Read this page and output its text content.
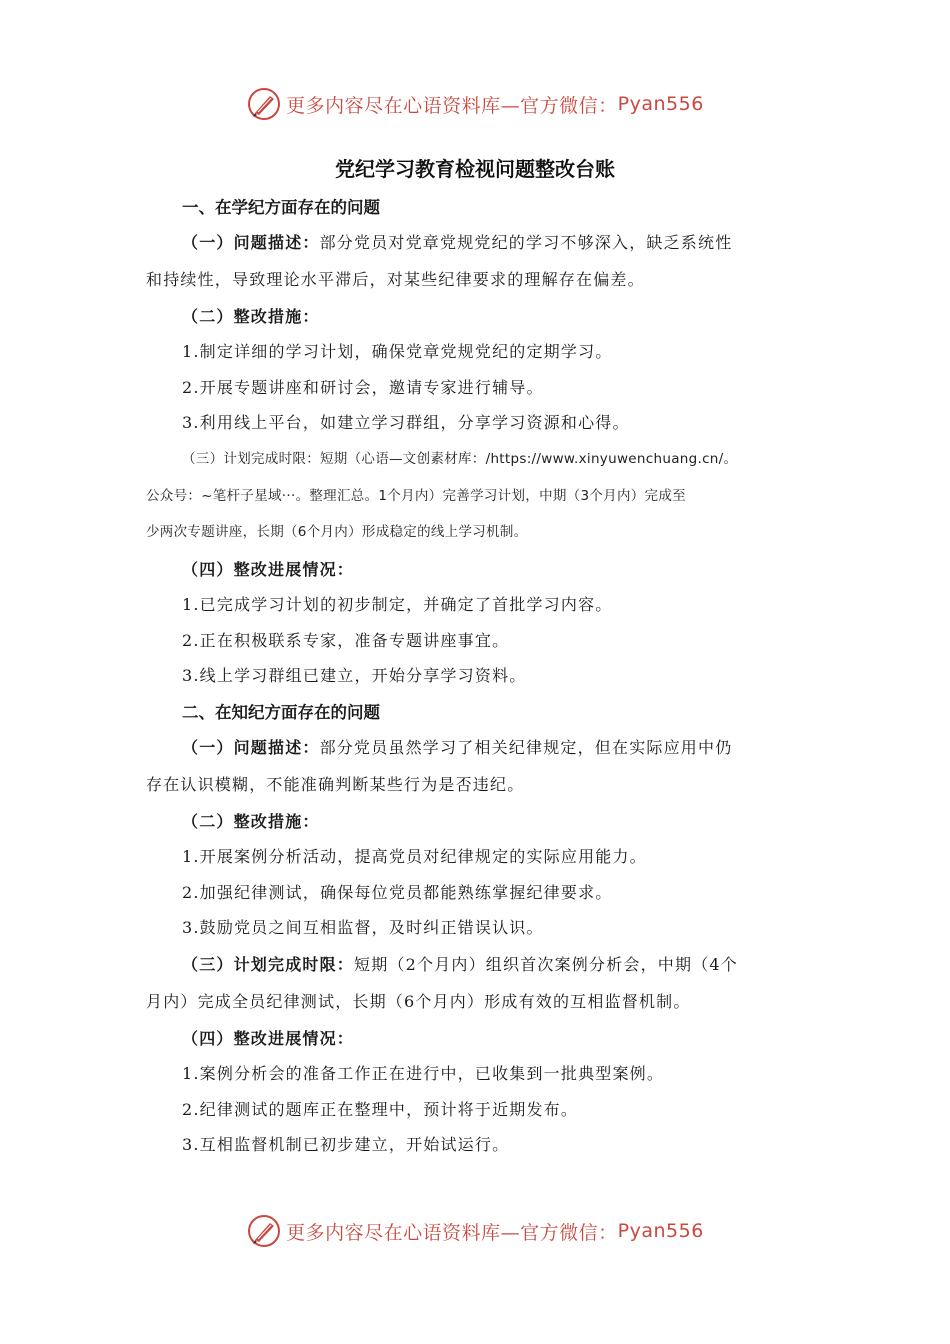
更多内容尽在心语资料库—官方微信： Pyan556
党纪学习教育检视问题整改台账
一、在学纪方面存在的问题
（一）问题描述：部分党员对党章党规党纪的学习不够深入，缺乏系统性
和持续性，导致理论水平滞后，对某些纪律要求的理解存在偏差。
（二）整改措施：
1.制定详细的学习计划，确保党章党规党纪的定期学习。
2.开展专题讲座和研讨会，邀请专家进行辅导。
3.利用线上平台，如建立学习群组，分享学习资源和心得。
（三）计划完成时限：短期（心语—文创素材库：/https://www.xinyuwenchuang.cn/。
公众号：~笔杆子星域···。整理汇总。1个月内）完善学习计划，中期（3个月内）完成至
少两次专题讲座，长期（6个月内）形成稳定的线上学习机制。
（四）整改进展情况：
1.已完成学习计划的初步制定，并确定了首批学习内容。
2.正在积极联系专家，准备专题讲座事宜。
3.线上学习群组已建立，开始分享学习资料。
二、在知纪方面存在的问题
（一）问题描述：部分党员虽然学习了相关纪律规定，但在实际应用中仍
存在认识模糊，不能准确判断某些行为是否违纪。
（二）整改措施：
1.开展案例分析活动，提高党员对纪律规定的实际应用能力。
2.加强纪律测试，确保每位党员都能熟练掌握纪律要求。
3.鼓励党员之间互相监督，及时纠正错误认识。
（三）计划完成时限：短期（2个月内）组织首次案例分析会，中期（4个
月内）完成全员纪律测试，长期（6个月内）形成有效的互相监督机制。
（四）整改进展情况：
1.案例分析会的准备工作正在进行中，已收集到一批典型案例。
2.纪律测试的题库正在整理中，预计将于近期发布。
3.互相监督机制已初步建立，开始试运行。
更多内容尽在心语资料库—官方微信： Pyan556
